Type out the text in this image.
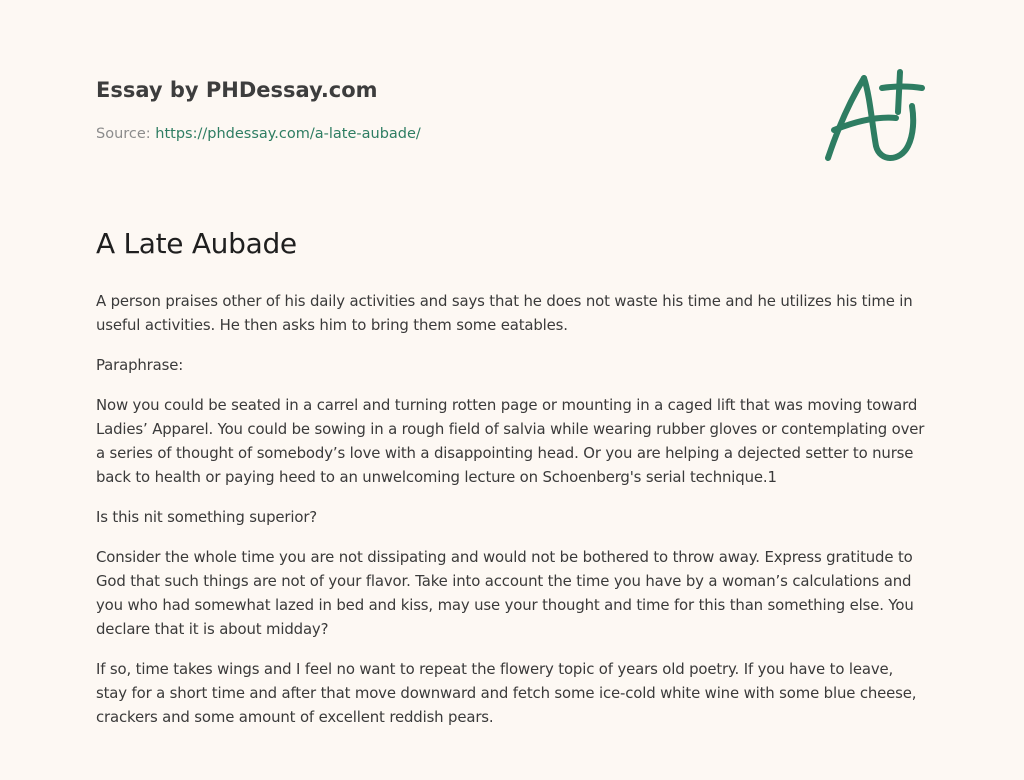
Essay by PHDessay.com
Source: https://phdessay.com/a-late-aubade/
A Late Aubade

A person praises other of his daily activities and says that he does not waste his time and he utilizes his time in useful activities. He then asks him to bring them some eatables.

Paraphrase:

Now you could be seated in a carrel and turning rotten page or mounting in a caged lift that was moving toward Ladies’ Apparel. You could be sowing in a rough field of salvia while wearing rubber gloves or contemplating over a series of thought of somebody’s love with a disappointing head. Or you are helping a dejected setter to nurse back to health or paying heed to an unwelcoming lecture on Schoenberg's serial technique.1

Is this nit something superior?

Consider the whole time you are not dissipating and would not be bothered to throw away. Express gratitude to God that such things are not of your flavor. Take into account the time you have by a woman’s calculations and you who had somewhat lazed in bed and kiss, may use your thought and time for this than something else. You declare that it is about midday?

If so, time takes wings and I feel no want to repeat the flowery topic of years old poetry. If you have to leave, stay for a short time and after that move downward and fetch some ice-cold white wine with some blue cheese, crackers and some amount of excellent reddish pears.
